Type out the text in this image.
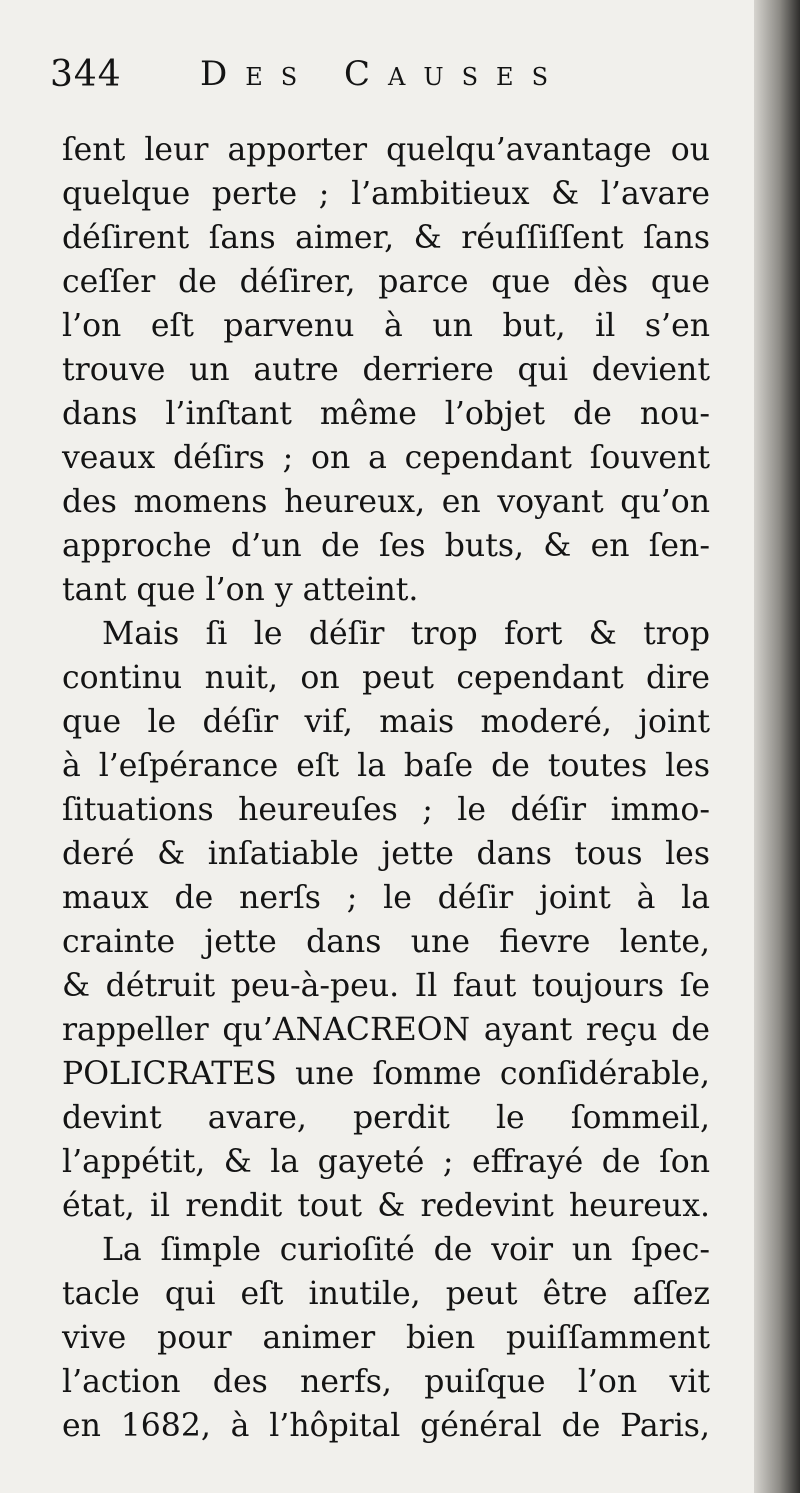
344 Des Causes
ſent leur apporter quelqu’avantage ou
quelque perte ; l’ambitieux & l’avare
déſirent ſans aimer, & réuſſiſſent ſans
ceſſer de déſirer, parce que dès que
l’on eſt parvenu à un but, il s’en
trouve un autre derriere qui devient
dans l’inſtant même l’objet de nou-
veaux déſirs ; on a cependant ſouvent
des momens heureux, en voyant qu’on
approche d’un de ſes buts, & en ſen-
tant que l’on y atteint.
Mais ſi le déſir trop fort & trop
continu nuit, on peut cependant dire
que le déſir vif, mais moderé, joint
à l’eſpérance eſt la baſe de toutes les
ſituations heureuſes ; le déſir immo-
deré & inſatiable jette dans tous les
maux de nerſs ; le déſir joint à la
crainte jette dans une fievre lente,
& détruit peu-à-peu. Il faut toujours ſe
rappeller qu’ANACREON ayant reçu de
POLICRATES une ſomme conſidérable,
devint avare, perdit le ſommeil,
l’appétit, & la gayeté ; effrayé de ſon
état, il rendit tout & redevint heureux.
La ſimple curioſité de voir un ſpec-
tacle qui eſt inutile, peut être aſſez
vive pour animer bien puiſſamment
l’action des nerfs, puiſque l’on vit
en 1682, à l’hôpital général de Paris,
